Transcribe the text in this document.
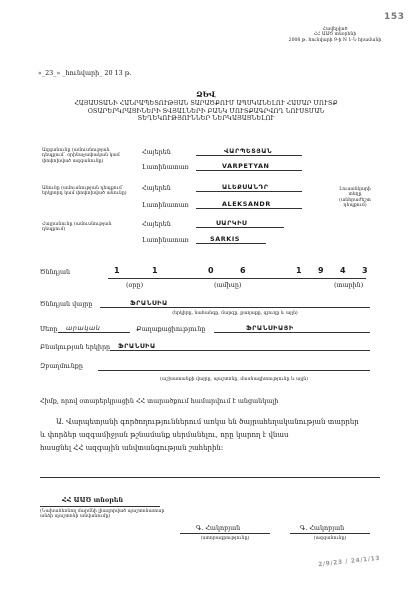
153
Հավելված
ՀՀ ԱԱԾ տնօրենի
2008 թ. hունվարի 9-ի N 1-Ն հրամանի
«_23_» _հունվարի_ 20 13 թ.
ՁԵՎ
ՀԱՅԱՍՏԱՆԻ ՀԱՆՐԱՊԵՏՈՒԹՅԱՆ ՏԱՐԱԾՔՈՒՄ ԱՊՍԿԱՆԵԼՈՒ ՀԱՄԱՐ ՄՈՒՏՔ
ՕՏԱՐԵՐԿՐԱՑԻՆԵՐԻ ՏՎՅԱԼՆԵՐԻ ԲԱՆԿ ՄՈՒՏՔԱԳՐՎՈՂ ՆՈՒՍՏՄԱՆ
ՏԵՂԵԿՈՒԹՅՈՒՆՆԵՐ ՆԵՐԿԱՅԱՑՆԵԼՈՒ
Ազգանունը (ամուսնության
դեպքում` օրինաչափական կամ
փոփոխված ազգանունը)
Հայերեն	ՎԱՐՊԵՏՅԱՆ
Լատինատառ	VARPETYAN
Անունը (ամուսնության դեպքում`
երկրորդ կամ փոփոխված անունը)
Հայերեն	ԱԼԵՔՍԱՆԴՐ
Լատինատառ	ALEKSANDR
Լուսանկարի
տեղը
(անհրաժեշտ
դեպքում)
Հայրանունը (ամուսնության
դեպքում)
Հայերեն	ՍԱՐԿԻՍ
Լատինատառ	SARKIS
Ծննդյան	1	1	0	6	1 9 4 3
(օրը)	(ամիսը)	(տարին)
Ծննդյան վայրը	ՖՐԱՆՍԻԱ
(երկիրը, նահանգը, մարզը, քաղաքը, գյուղը և այլն)
Սեռը	արական	Քաղաքացիությունը	ՖՐԱՆՍԻԱՅԻ
Բնակության երկիրը	ՖՐԱՆՍԻԱ
Զբաղմունքը
(աշխատանքի վայրը, պաշտոնը, մասնագիտությունը և այլն)
Հիմք, որով օտարերկրացին ՀՀ տարածքում համարվում է անցանկալի
Ա. Վարպետյանի գործողություններում առկա են ծայրահեղականության տարրեր
և փորձեր ազգամիջյան թշնամանք սերմանելու, որը կարող է վնաս
հասցնել ՀՀ ազգային անվտանգության շահերին:
ՀՀ ԱԱԾ տնօրեն
(Նախաձեռնող մարմնի լիազորված պաշտոնատար
անձի պաշտոնի անվանումը)
Գ. Հակոբյան
(ստորագրությունը)
Գ. Հակոբյան
(ազգանունը)
2/9/23 / 24/1/13
